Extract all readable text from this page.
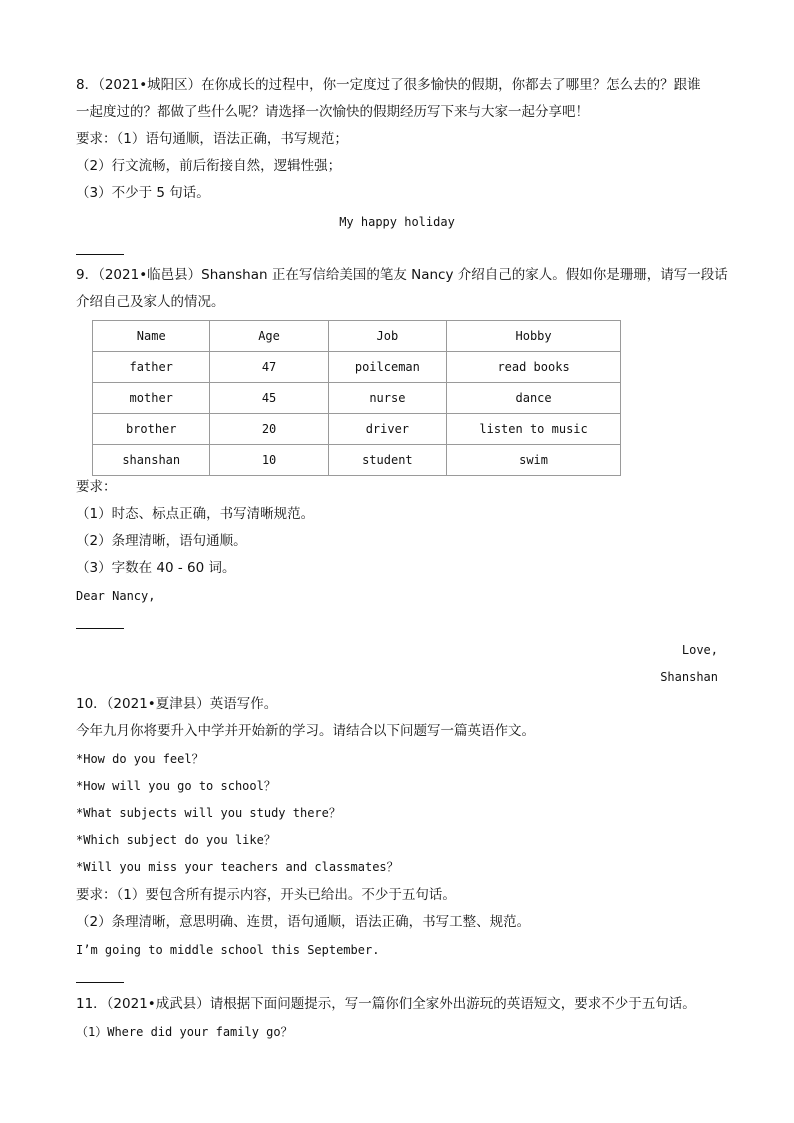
8．（2021•城阳区）在你成长的过程中，你一定度过了很多愉快的假期，你都去了哪里？怎么去的？跟谁
一起度过的？都做了些什么呢？请选择一次愉快的假期经历写下来与大家一起分享吧！
要求：（1）语句通顺，语法正确，书写规范；
（2）行文流畅，前后衔接自然，逻辑性强；
（3）不少于 5 句话。
My happy holiday
9．（2021•临邑县）Shanshan 正在写信给美国的笔友 Nancy 介绍自己的家人。假如你是珊珊，请写一段话
介绍自己及家人的情况。
Name	Age	Job	Hobby
father	47	poilceman	read books
mother	45	nurse	dance
brother	20	driver	listen to music
shanshan	10	student	swim
要求：
（1）时态、标点正确，书写清晰规范。
（2）条理清晰，语句通顺。
（3）字数在 40 - 60 词。
Dear Nancy,
Love,
Shanshan
10．（2021•夏津县）英语写作。
今年九月你将要升入中学并开始新的学习。请结合以下问题写一篇英语作文。
*How do you feel？
*How will you go to school？
*What subjects will you study there？
*Which subject do you like？
*Will you miss your teachers and classmates？
要求：（1）要包含所有提示内容，开头已给出。不少于五句话。
（2）条理清晰，意思明确、连贯，语句通顺，语法正确，书写工整、规范。
I’m going to middle school this September.
11．（2021•成武县）请根据下面问题提示，写一篇你们全家外出游玩的英语短文，要求不少于五句话。
（1）Where did your family go？
